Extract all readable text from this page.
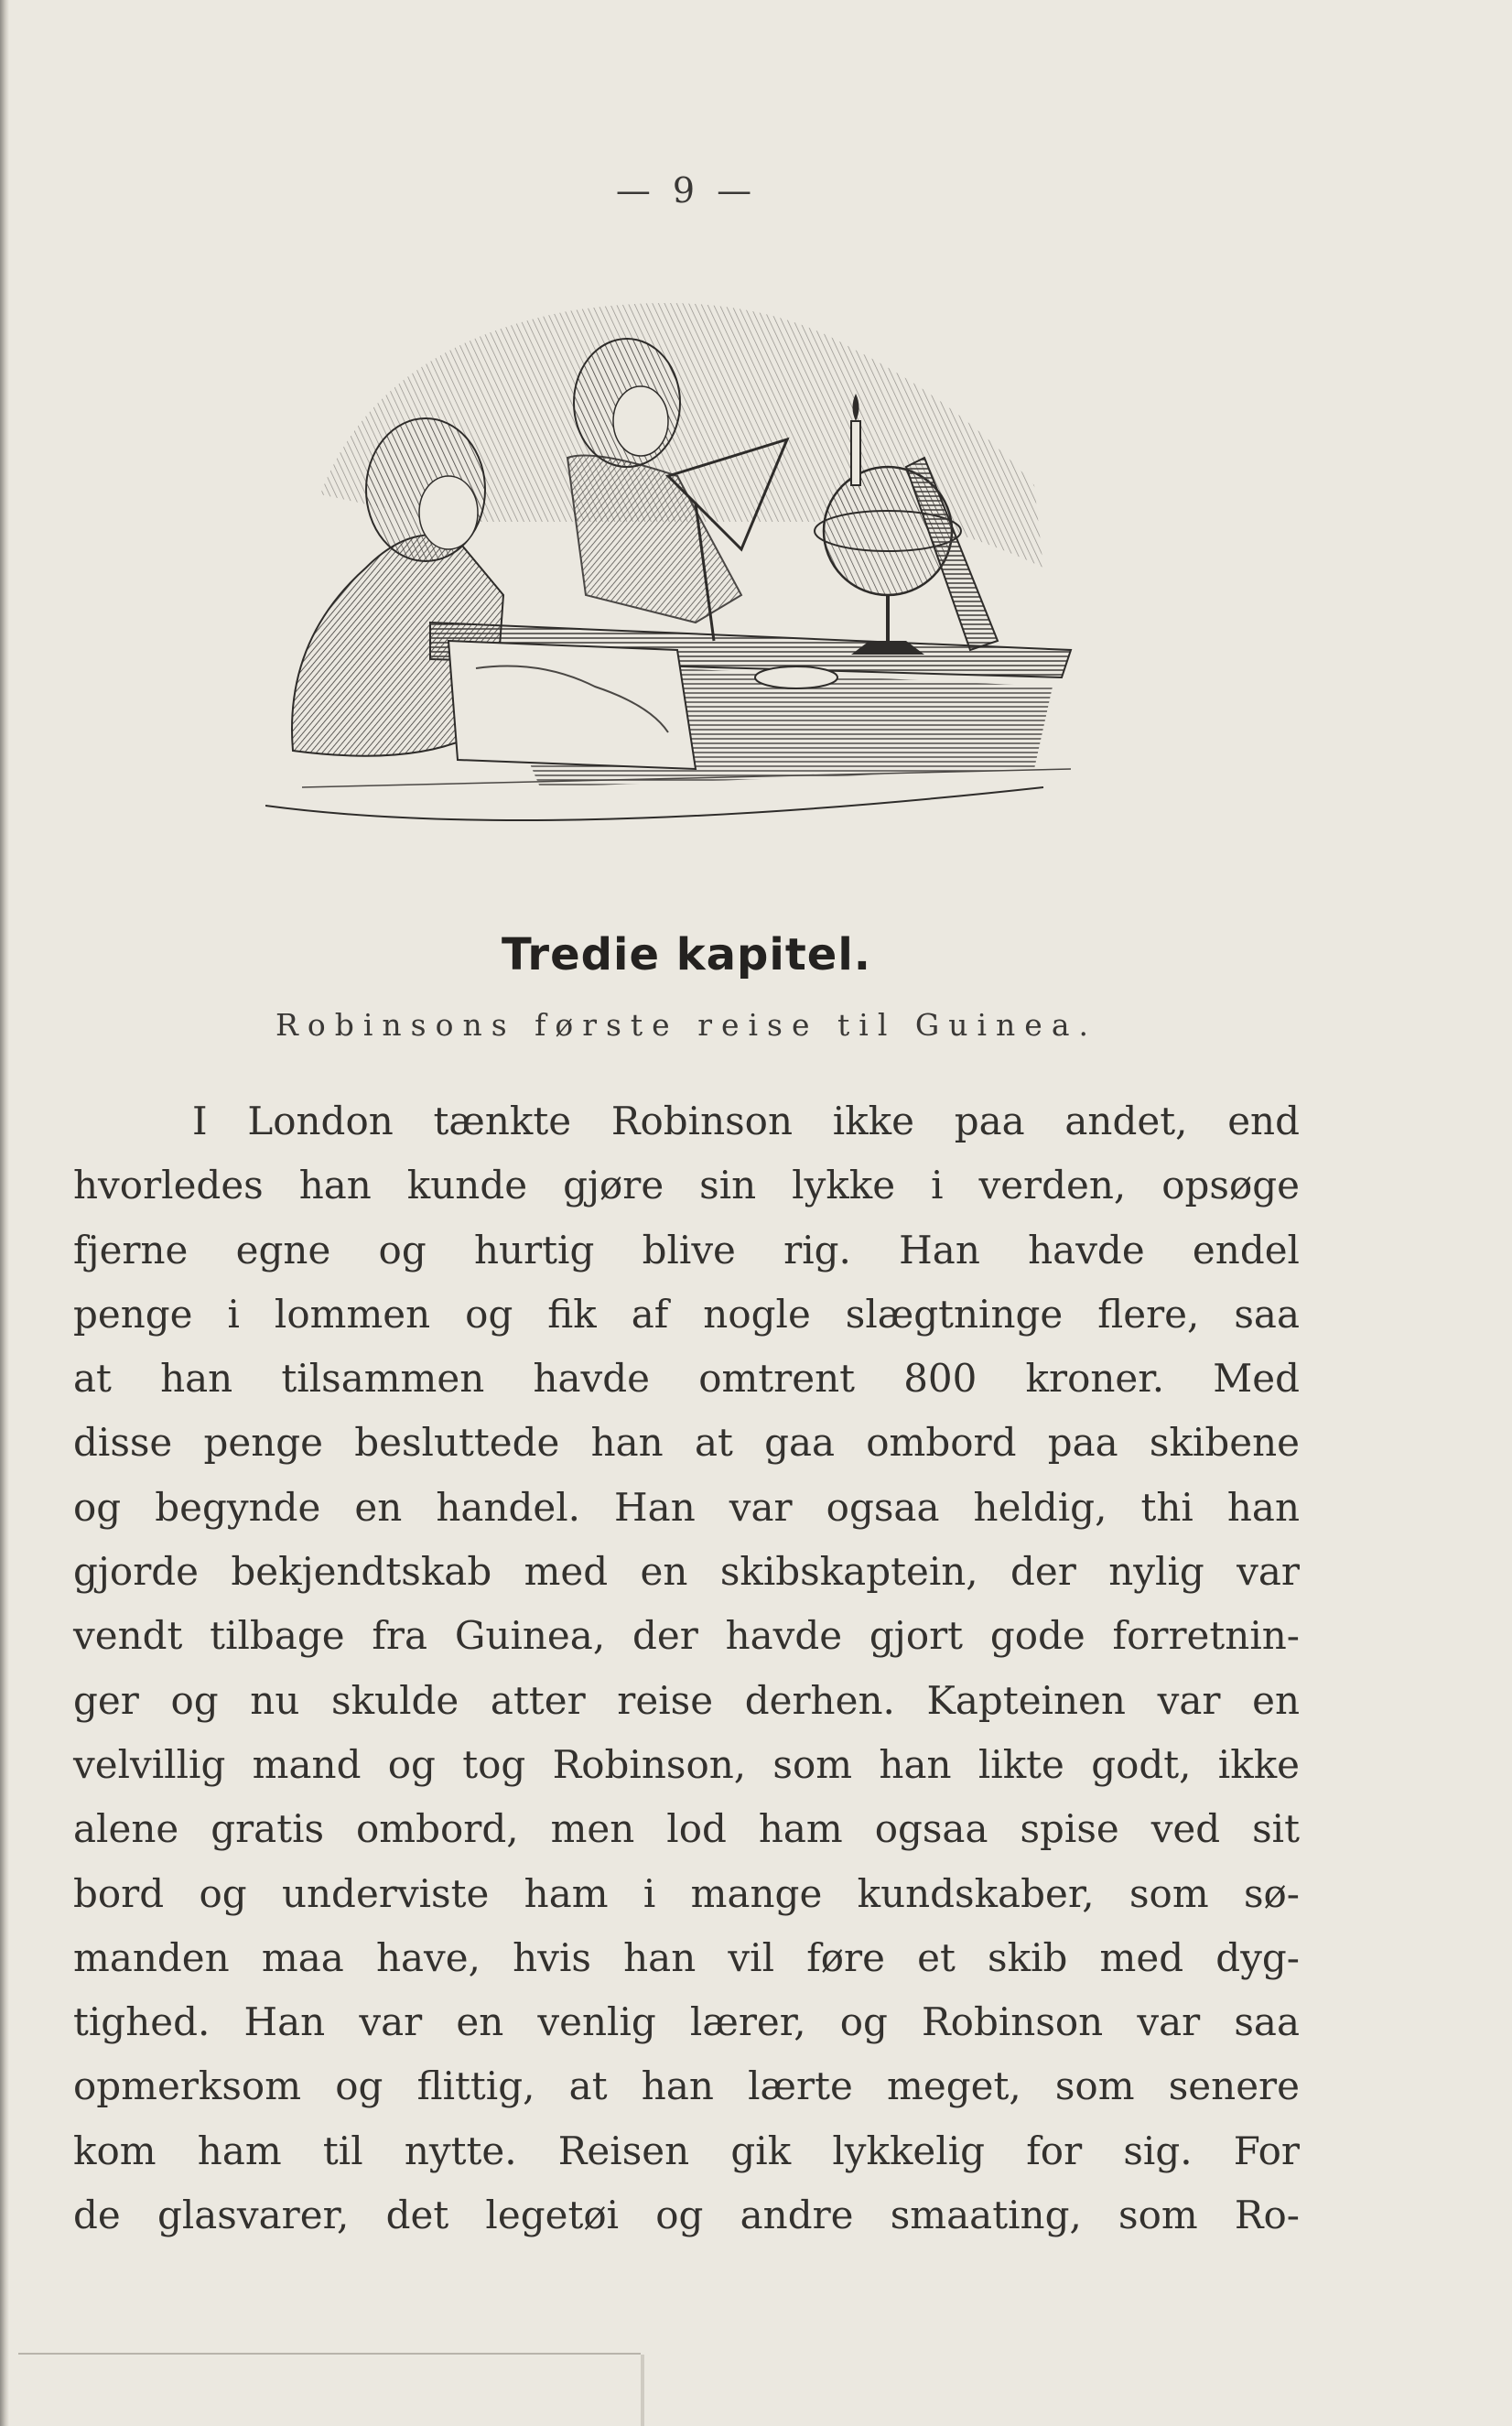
— 9 —
Tredie kapitel.
Robinsons første reise til Guinea.
I London tænkte Robinson ikke paa andet, end
hvorledes han kunde gjøre sin lykke i verden, opsøge
fjerne egne og hurtig blive rig. Han havde endel
penge i lommen og fik af nogle slægtninge flere, saa
at han tilsammen havde omtrent 800 kroner. Med
disse penge besluttede han at gaa ombord paa skibene
og begynde en handel. Han var ogsaa heldig, thi han
gjorde bekjendtskab med en skibskaptein, der nylig var
vendt tilbage fra Guinea, der havde gjort gode forretnin-
ger og nu skulde atter reise derhen. Kapteinen var en
velvillig mand og tog Robinson, som han likte godt, ikke
alene gratis ombord, men lod ham ogsaa spise ved sit
bord og underviste ham i mange kundskaber, som sø-
manden maa have, hvis han vil føre et skib med dyg-
tighed. Han var en venlig lærer, og Robinson var saa
opmerksom og flittig, at han lærte meget, som senere
kom ham til nytte. Reisen gik lykkelig for sig. For
de glasvarer, det legetøi og andre smaating, som Ro-
